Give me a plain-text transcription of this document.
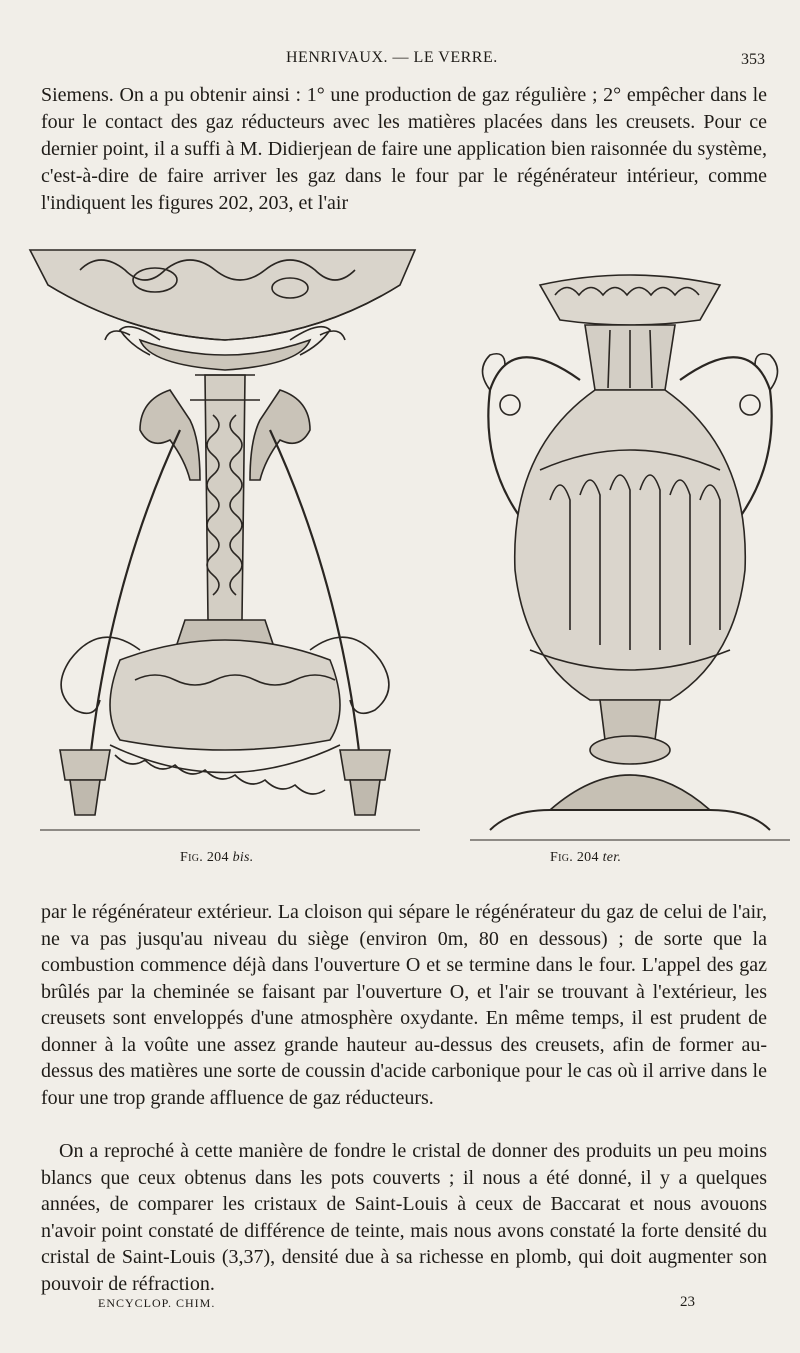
HENRIVAUX. — LE VERRE.	353

Siemens. On a pu obtenir ainsi : 1° une production de gaz régulière ; 2° empêcher dans le four le contact des gaz réducteurs avec les matières placées dans les creusets. Pour ce dernier point, il a suffi à M. Didierjean de faire une application bien raisonnée du système, c'est-à-dire de faire arriver les gaz dans le four par le régénérateur intérieur, comme l'indiquent les figures 202, 203, et l'air

Fig. 204 bis.	Fig. 204 ter.

par le régénérateur extérieur. La cloison qui sépare le régénérateur du gaz de celui de l'air, ne va pas jusqu'au niveau du siège (environ 0m, 80 en dessous) ; de sorte que la combustion commence déjà dans l'ouverture O et se termine dans le four. L'appel des gaz brûlés par la cheminée se faisant par l'ouverture O, et l'air se trouvant à l'extérieur, les creusets sont enveloppés d'une atmosphère oxydante. En même temps, il est prudent de donner à la voûte une assez grande hauteur au-dessus des creusets, afin de former au-dessus des matières une sorte de coussin d'acide carbonique pour le cas où il arrive dans le four une trop grande affluence de gaz réducteurs.

On a reproché à cette manière de fondre le cristal de donner des produits un peu moins blancs que ceux obtenus dans les pots couverts ; il nous a été donné, il y a quelques années, de comparer les cristaux de Saint-Louis à ceux de Baccarat et nous avouons n'avoir point constaté de différence de teinte, mais nous avons constaté la forte densité du cristal de Saint-Louis (3,37), densité due à sa richesse en plomb, qui doit augmenter son pouvoir de réfraction.

ENCYCLOP. CHIM.	23
